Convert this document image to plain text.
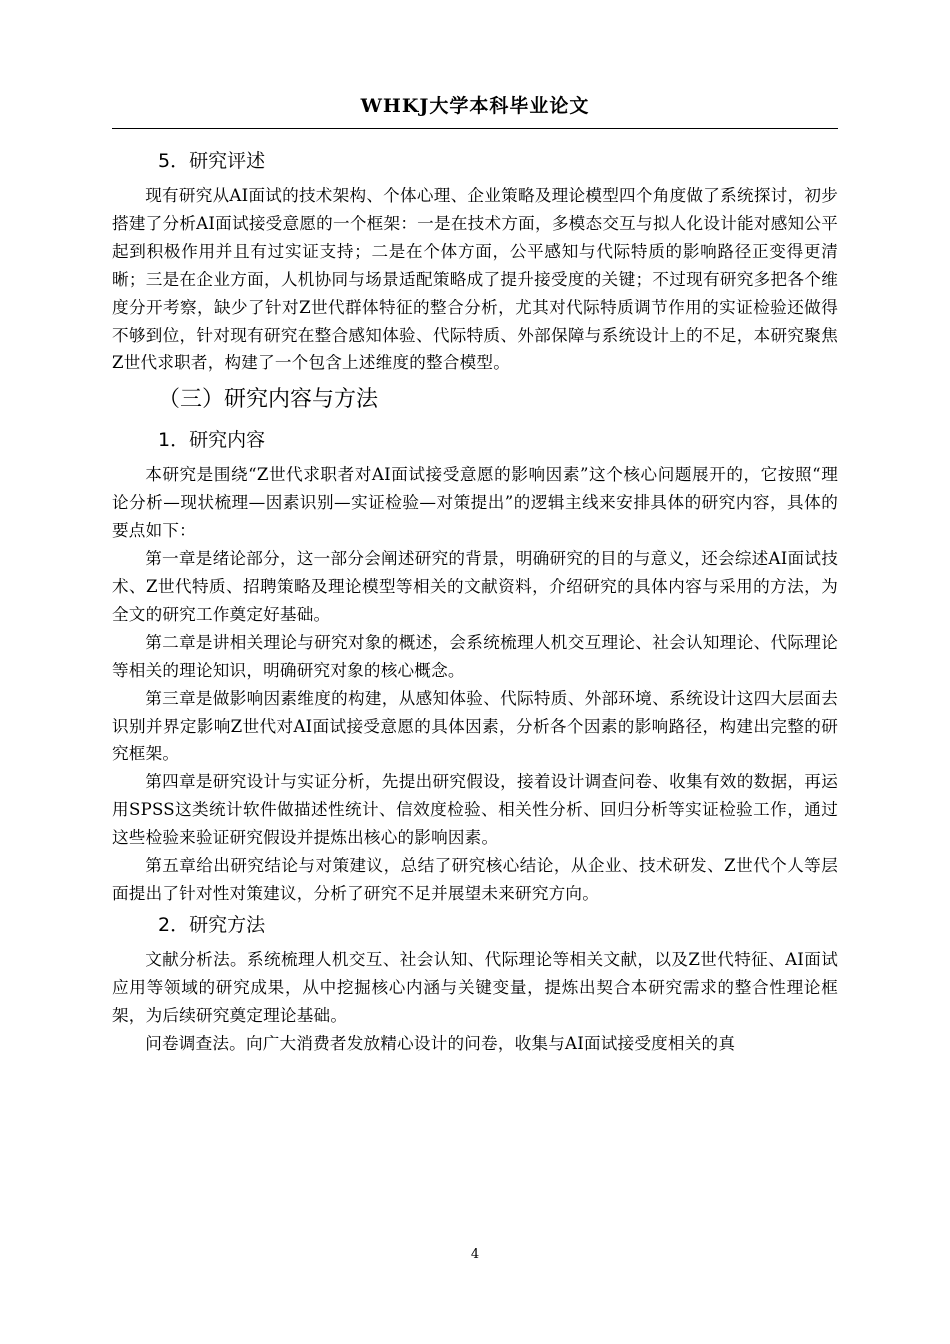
WHKJ大学本科毕业论文
5．研究评述

现有研究从AI面试的技术架构、个体心理、企业策略及理论模型四个角度做了系统探讨，初步搭建了分析AI面试接受意愿的一个框架：一是在技术方面，多模态交互与拟人化设计能对感知公平起到积极作用并且有过实证支持；二是在个体方面，公平感知与代际特质的影响路径正变得更清晰；三是在企业方面，人机协同与场景适配策略成了提升接受度的关键；不过现有研究多把各个维度分开考察，缺少了针对Z世代群体特征的整合分析，尤其对代际特质调节作用的实证检验还做得不够到位，针对现有研究在整合感知体验、代际特质、外部保障与系统设计上的不足，本研究聚焦Z世代求职者，构建了一个包含上述维度的整合模型。

（三）研究内容与方法
1．研究内容

本研究是围绕“Z世代求职者对AI面试接受意愿的影响因素”这个核心问题展开的，它按照“理论分析—现状梳理—因素识别—实证检验—对策提出”的逻辑主线来安排具体的研究内容，具体的要点如下：

第一章是绪论部分，这一部分会阐述研究的背景，明确研究的目的与意义，还会综述AI面试技术、Z世代特质、招聘策略及理论模型等相关的文献资料，介绍研究的具体内容与采用的方法，为全文的研究工作奠定好基础。

第二章是讲相关理论与研究对象的概述，会系统梳理人机交互理论、社会认知理论、代际理论等相关的理论知识，明确研究对象的核心概念。

第三章是做影响因素维度的构建，从感知体验、代际特质、外部环境、系统设计这四大层面去识别并界定影响Z世代对AI面试接受意愿的具体因素，分析各个因素的影响路径，构建出完整的研究框架。

第四章是研究设计与实证分析，先提出研究假设，接着设计调查问卷、收集有效的数据，再运用SPSS这类统计软件做描述性统计、信效度检验、相关性分析、回归分析等实证检验工作，通过这些检验来验证研究假设并提炼出核心的影响因素。

第五章给出研究结论与对策建议，总结了研究核心结论，从企业、技术研发、Z世代个人等层面提出了针对性对策建议，分析了研究不足并展望未来研究方向。

2．研究方法

文献分析法。系统梳理人机交互、社会认知、代际理论等相关文献，以及Z世代特征、AI面试应用等领域的研究成果，从中挖掘核心内涵与关键变量，提炼出契合本研究需求的整合性理论框架，为后续研究奠定理论基础。

问卷调查法。向广大消费者发放精心设计的问卷，收集与AI面试接受度相关的真

4
